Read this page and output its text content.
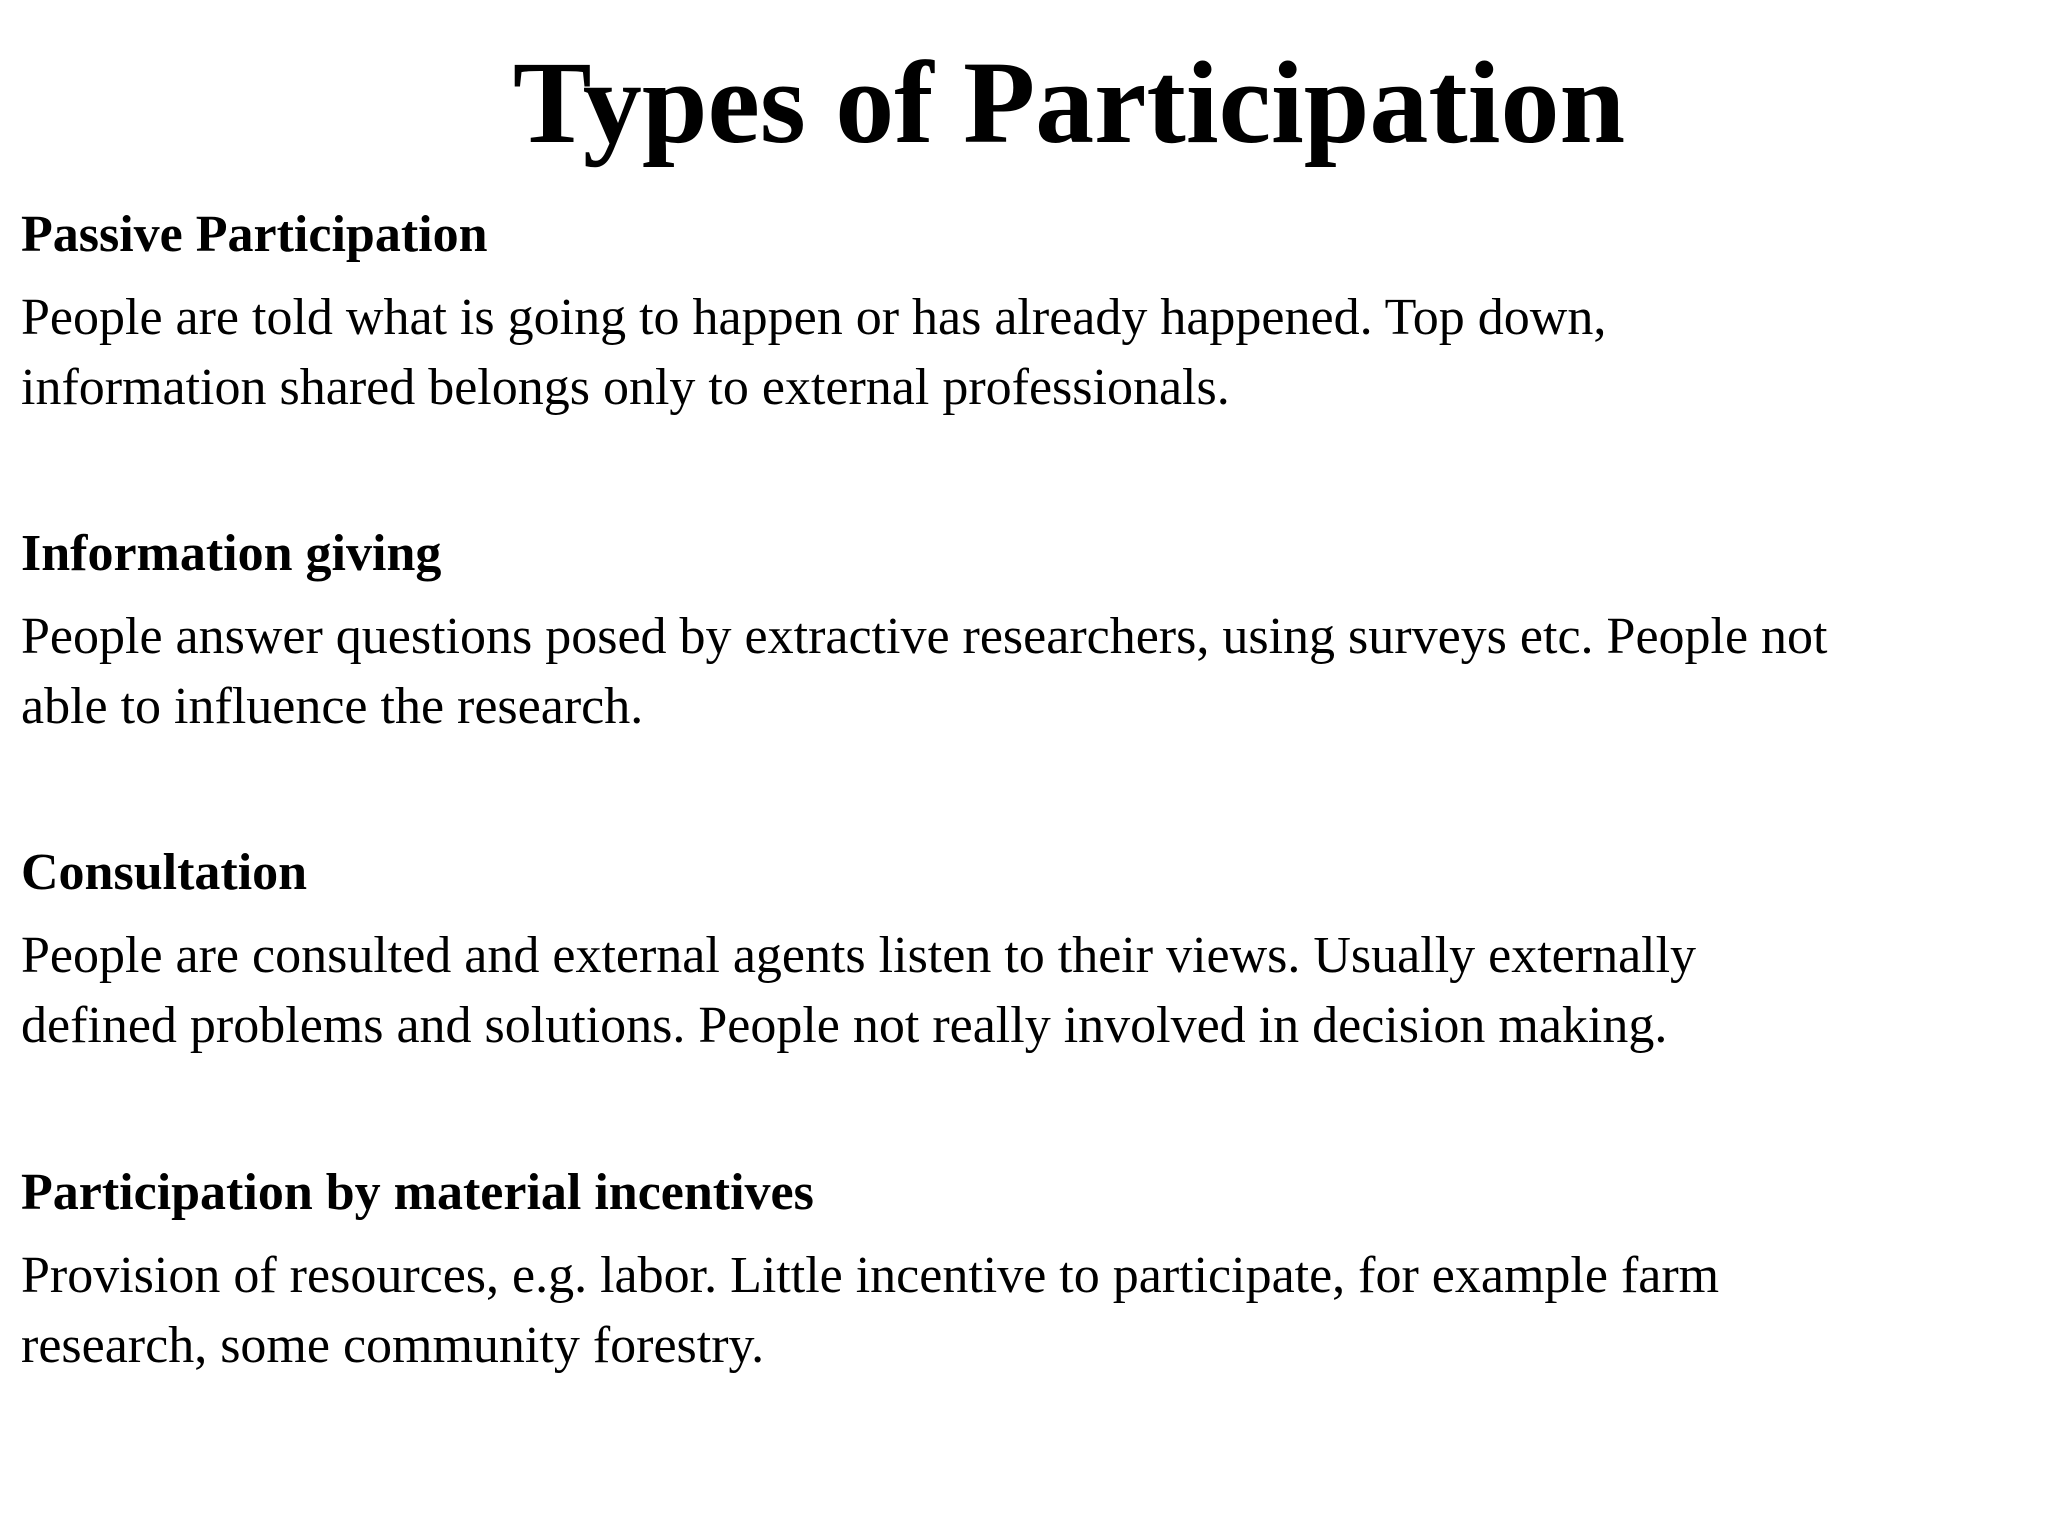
Types of Participation

Passive Participation

People are told what is going to happen or has already happened. Top down,
information shared belongs only to external professionals.

Information giving

People answer questions posed by extractive researchers, using surveys etc. People not
able to influence the research.

Consultation

People are consulted and external agents listen to their views. Usually externally
defined problems and solutions. People not really involved in decision making.

Participation by material incentives

Provision of resources, e.g. labor. Little incentive to participate, for example farm
research, some community forestry.
